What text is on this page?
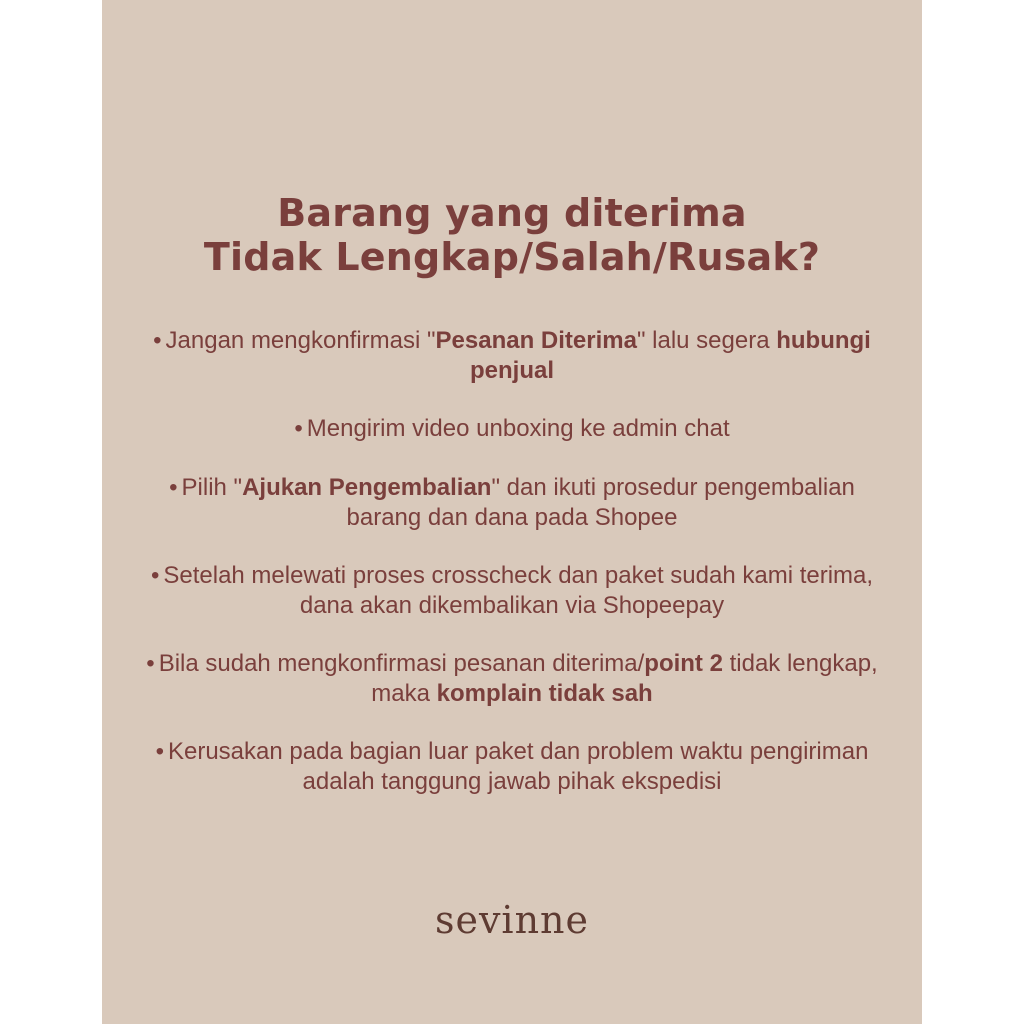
Barang yang diterima
Tidak Lengkap/Salah/Rusak?
• Jangan mengkonfirmasi "Pesanan Diterima" lalu segera hubungi penjual
• Mengirim video unboxing ke admin chat
• Pilih "Ajukan Pengembalian" dan ikuti prosedur pengembalian barang dan dana pada Shopee
• Setelah melewati proses crosscheck dan paket sudah kami terima, dana akan dikembalikan via Shopeepay
• Bila sudah mengkonfirmasi pesanan diterima/point 2 tidak lengkap, maka komplain tidak sah
• Kerusakan pada bagian luar paket dan problem waktu pengiriman adalah tanggung jawab pihak ekspedisi
sevinne
